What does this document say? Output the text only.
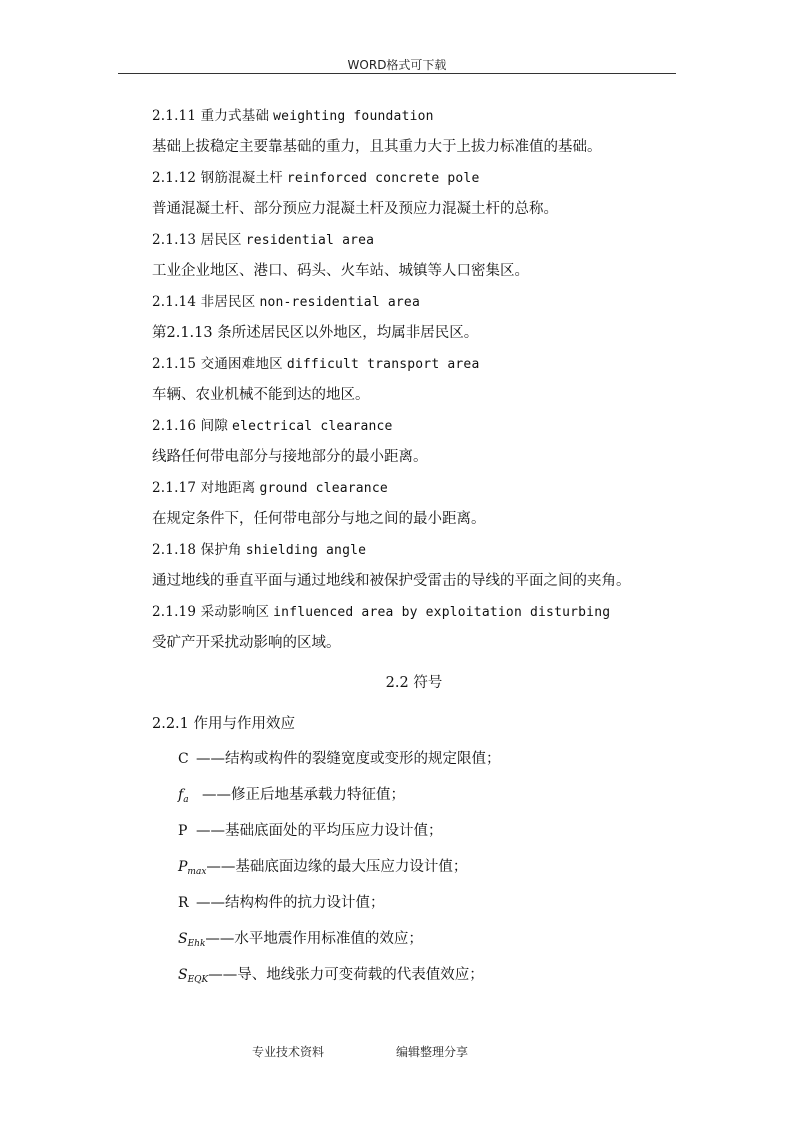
WORD格式可下载
2.1.11 重力式基础 weighting foundation
基础上拔稳定主要靠基础的重力，且其重力大于上拔力标准值的基础。
2.1.12 钢筋混凝土杆 reinforced concrete pole
普通混凝土杆、部分预应力混凝土杆及预应力混凝土杆的总称。
2.1.13 居民区 residential area
工业企业地区、港口、码头、火车站、城镇等人口密集区。
2.1.14 非居民区 non-residential area
第2.1.13 条所述居民区以外地区，均属非居民区。
2.1.15 交通困难地区 difficult transport area
车辆、农业机械不能到达的地区。
2.1.16 间隙 electrical clearance
线路任何带电部分与接地部分的最小距离。
2.1.17 对地距离 ground clearance
在规定条件下，任何带电部分与地之间的最小距离。
2.1.18 保护角 shielding angle
通过地线的垂直平面与通过地线和被保护受雷击的导线的平面之间的夹角。
2.1.19 采动影响区 influenced area by exploitation disturbing
受矿产开采扰动影响的区域。
2.2 符号
2.2.1 作用与作用效应
C ——结构或构件的裂缝宽度或变形的规定限值；
$f_a$ ——修正后地基承载力特征值；
P ——基础底面处的平均压应力设计值；
$P_{max}——$基础底面边缘的最大压应力设计值；
R ——结构构件的抗力设计值；
$S_{Ehk}——$水平地震作用标准值的效应；
$S_{EQK}——$导、地线张力可变荷载的代表值效应；
专业技术资料	编辑整理分享
